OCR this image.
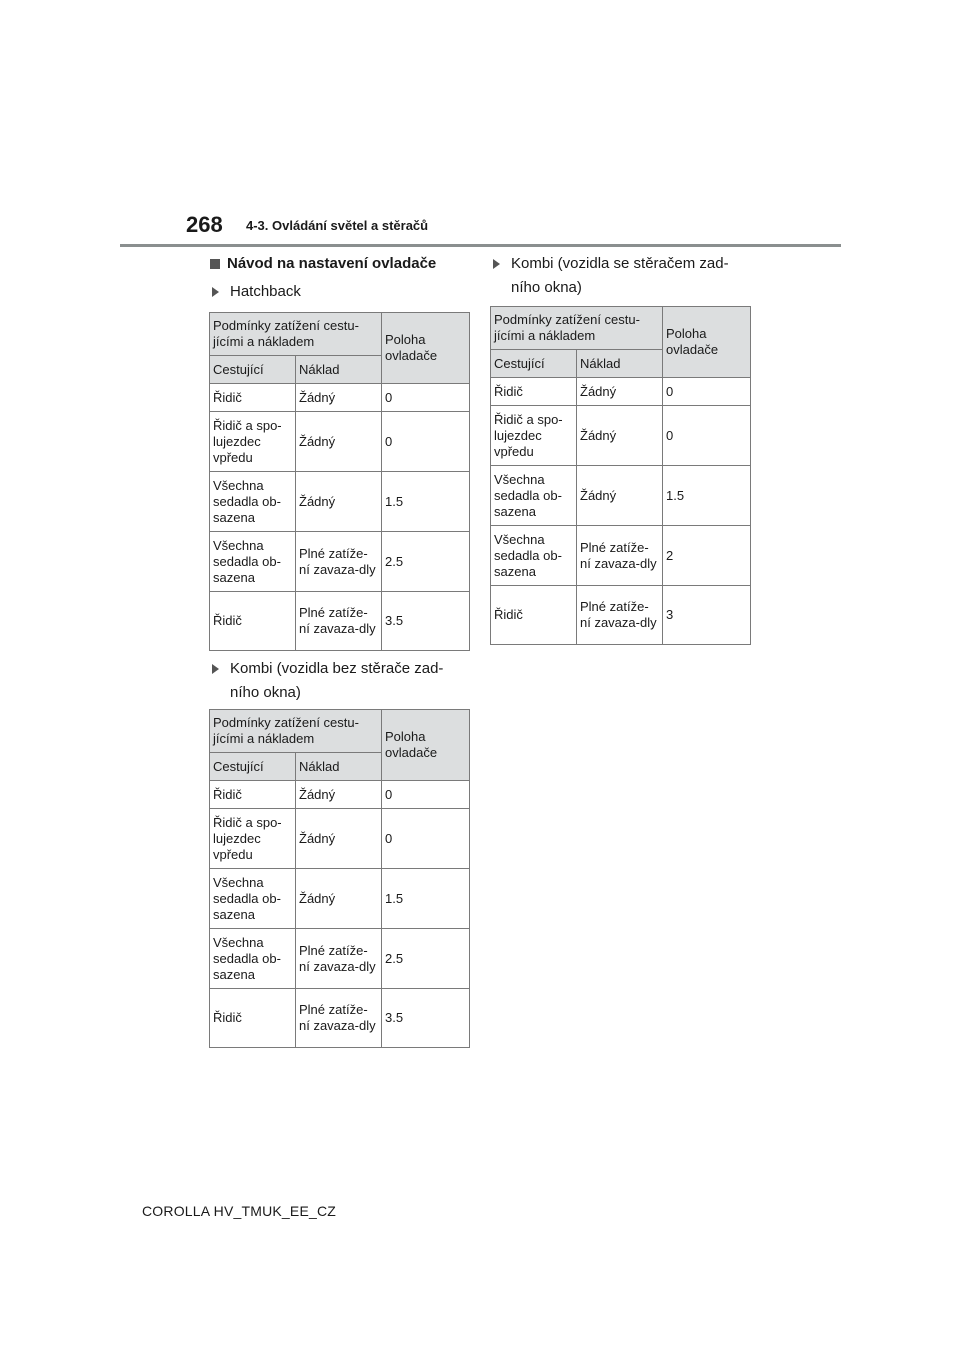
268 4-3. Ovládání světel a stěračů
Návod na nastavení ovladače
Hatchback
Podmínky zatížení cestu-jícími a nákladem		Poloha ovladače
Cestující	Náklad	
Řidič	Žádný	0
Řidič a spo-lujezdec vpředu	Žádný	0
Všechna sedadla ob-sazena	Žádný	1.5
Všechna sedadla ob-sazena	Plné zatíže-ní zavaza-dly	2.5
Řidič	Plné zatíže-ní zavaza-dly	3.5
Kombi (vozidla bez stěrače zad-ního okna)
Podmínky zatížení cestu-jícími a nákladem		Poloha ovladače
Cestující	Náklad	
Řidič	Žádný	0
Řidič a spo-lujezdec vpředu	Žádný	0
Všechna sedadla ob-sazena	Žádný	1.5
Všechna sedadla ob-sazena	Plné zatíže-ní zavaza-dly	2.5
Řidič	Plné zatíže-ní zavaza-dly	3.5
Kombi (vozidla se stěračem zad-ního okna)
Podmínky zatížení cestu-jícími a nákladem		Poloha ovladače
Cestující	Náklad	
Řidič	Žádný	0
Řidič a spo-lujezdec vpředu	Žádný	0
Všechna sedadla ob-sazena	Žádný	1.5
Všechna sedadla ob-sazena	Plné zatíže-ní zavaza-dly	2
Řidič	Plné zatíže-ní zavaza-dly	3
COROLLA HV_TMUK_EE_CZ
